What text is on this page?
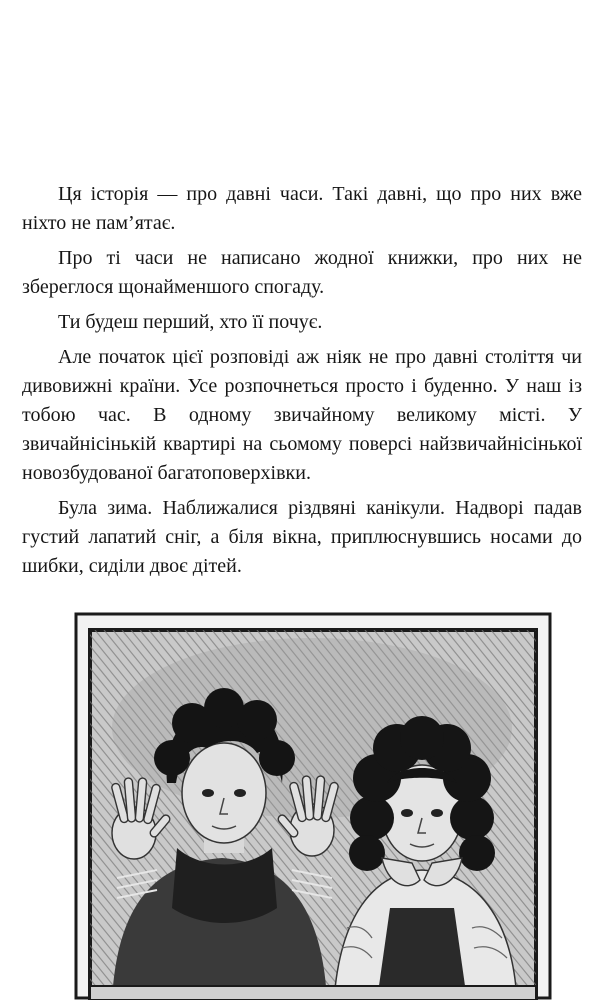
Ця історія — про давні часи. Такі давні, що про них вже ніхто не пам’ятає.

Про ті часи не написано жодної книжки, про них не збереглося щонайменшого спогаду.

Ти будеш перший, хто її почує.

Але початок цієї розповіді аж ніяк не про давні століття чи дивовижні країни. Усе розпочнеться просто і буденно. У наш із тобою час. В одному звичайному великому місті. У звичайнісінькій квартирі на сьомому поверсі найзвичайнісінької новозбудованої багатоповерхівки.

Була зима. Наближалися різдвяні канікули. Надворі падав густий лапатий сніг, а біля вікна, приплюснувшись носами до шибки, сиділи двоє дітей.
